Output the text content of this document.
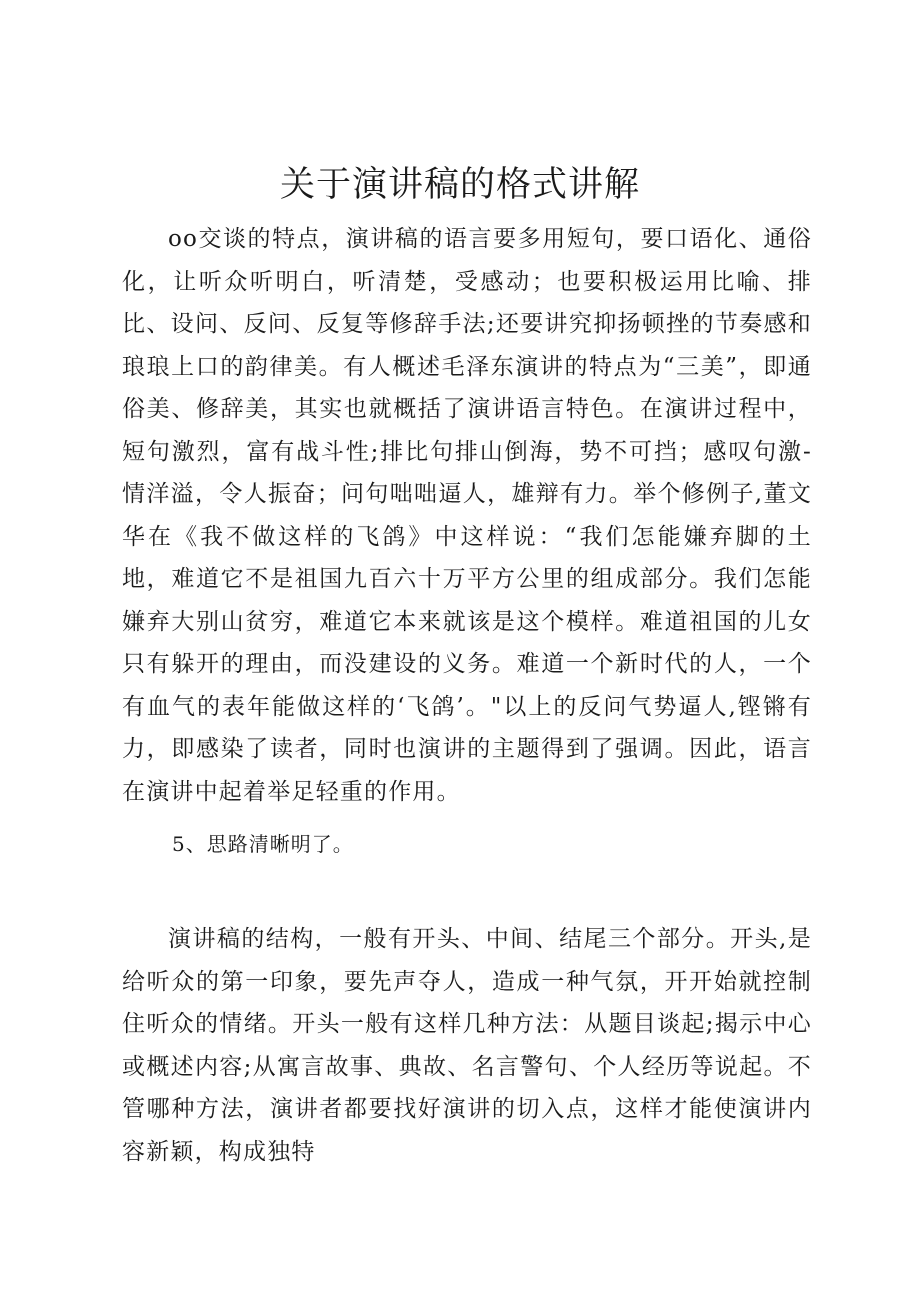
关于演讲稿的格式讲解

oo交谈的特点，演讲稿的语言要多用短句，要口语化、通俗化，让听众听明白，听清楚，受感动；也要积极运用比喻、排比、设问、反问、反复等修辞手法;还要讲究抑扬顿挫的节奏感和琅琅上口的韵律美。有人概述毛泽东演讲的特点为“三美”，即通俗美、修辞美，其实也就概括了演讲语言特色。在演讲过程中，短句激烈，富有战斗性;排比句排山倒海，势不可挡；感叹句激-情洋溢，令人振奋；问句咄咄逼人，雄辩有力。举个修例子,董文华在《我不做这样的飞鸽》中这样说：“我们怎能嫌弃脚的土地，难道它不是祖国九百六十万平方公里的组成部分。我们怎能嫌弃大别山贫穷，难道它本来就该是这个模样。难道祖国的儿女只有躲开的理由，而没建设的义务。难道一个新时代的人，一个有血气的表年能做这样的‘飞鸽’。"以上的反问气势逼人,铿锵有力，即感染了读者，同时也演讲的主题得到了强调。因此，语言在演讲中起着举足轻重的作用。

5、思路清晰明了。

演讲稿的结构，一般有开头、中间、结尾三个部分。开头,是给听众的第一印象，要先声夺人，造成一种气氛，开开始就控制住听众的情绪。开头一般有这样几种方法：从题目谈起;揭示中心或概述内容;从寓言故事、典故、名言警句、个人经历等说起。不管哪种方法，演讲者都要找好演讲的切入点，这样才能使演讲内容新颖，构成独特
